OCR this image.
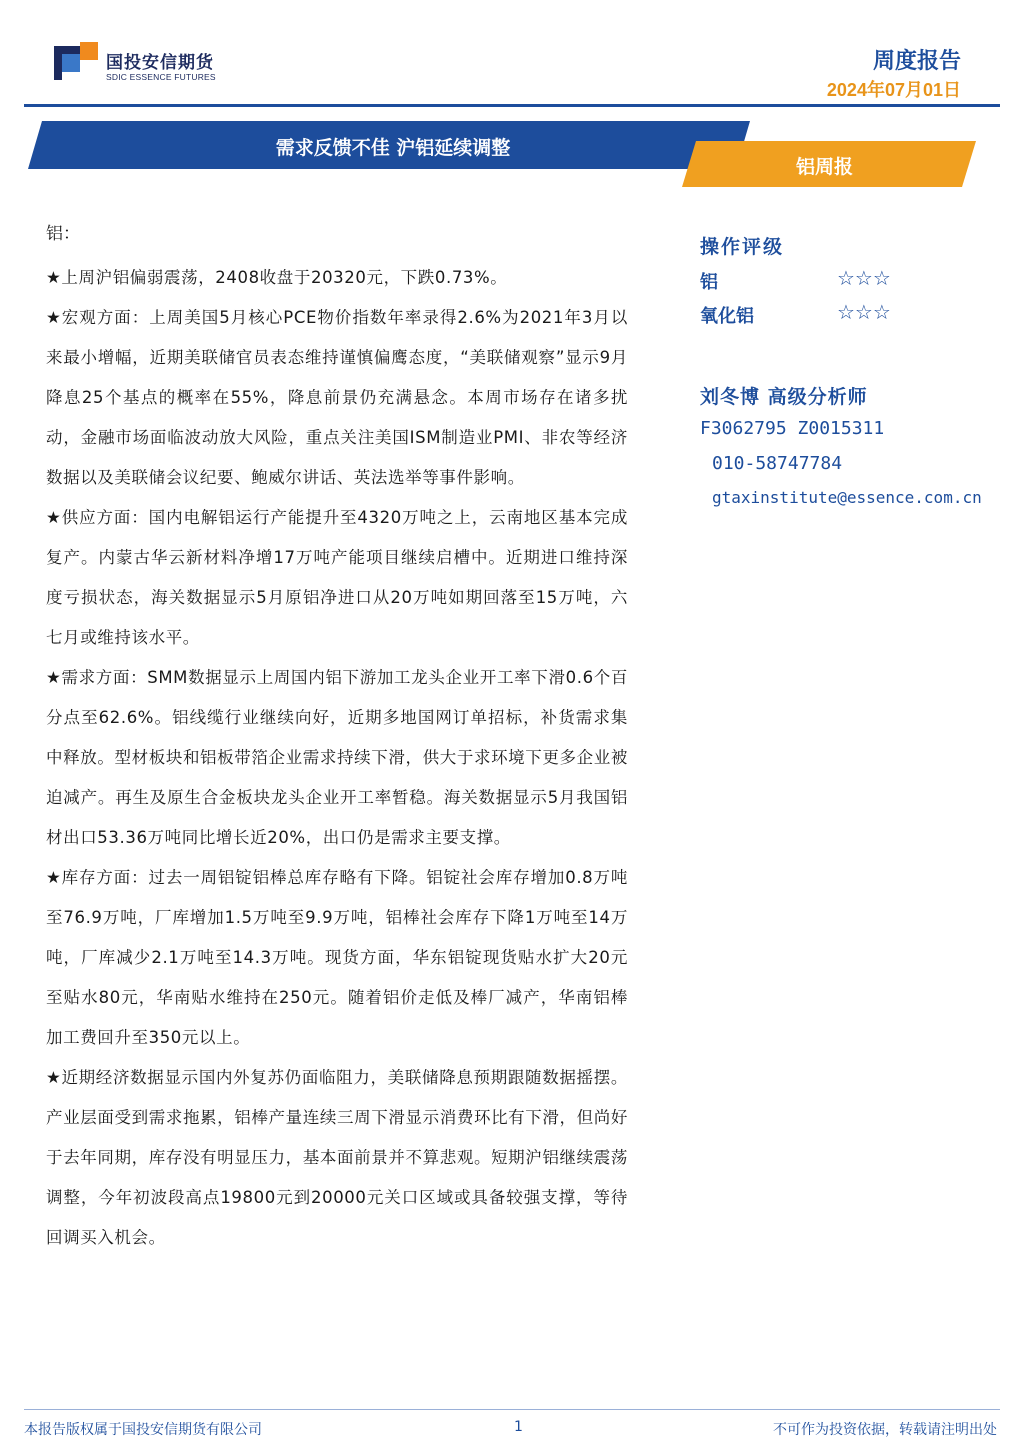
国投安信期货
SDIC ESSENCE FUTURES
周度报告
2024年07月01日
需求反馈不佳 沪铝延续调整
铝周报
铝：

★上周沪铝偏弱震荡，2408收盘于20320元，下跌0.73%。

★宏观方面：上周美国5月核心PCE物价指数年率录得2.6%为2021年3月以来最小增幅，近期美联储官员表态维持谨慎偏鹰态度，“美联储观察”显示9月降息25个基点的概率在55%，降息前景仍充满悬念。本周市场存在诸多扰动，金融市场面临波动放大风险，重点关注美国ISM制造业PMI、非农等经济数据以及美联储会议纪要、鲍威尔讲话、英法选举等事件影响。

★供应方面：国内电解铝运行产能提升至4320万吨之上，云南地区基本完成复产。内蒙古华云新材料净增17万吨产能项目继续启槽中。近期进口维持深度亏损状态，海关数据显示5月原铝净进口从20万吨如期回落至15万吨，六七月或维持该水平。

★需求方面：SMM数据显示上周国内铝下游加工龙头企业开工率下滑0.6个百分点至62.6%。铝线缆行业继续向好，近期多地国网订单招标，补货需求集中释放。型材板块和铝板带箔企业需求持续下滑，供大于求环境下更多企业被迫减产。再生及原生合金板块龙头企业开工率暂稳。海关数据显示5月我国铝材出口53.36万吨同比增长近20%，出口仍是需求主要支撑。

★库存方面：过去一周铝锭铝棒总库存略有下降。铝锭社会库存增加0.8万吨至76.9万吨，厂库增加1.5万吨至9.9万吨，铝棒社会库存下降1万吨至14万吨，厂库减少2.1万吨至14.3万吨。现货方面，华东铝锭现货贴水扩大20元至贴水80元，华南贴水维持在250元。随着铝价走低及棒厂减产，华南铝棒加工费回升至350元以上。

★近期经济数据显示国内外复苏仍面临阻力，美联储降息预期跟随数据摇摆。产业层面受到需求拖累，铝棒产量连续三周下滑显示消费环比有下滑，但尚好于去年同期，库存没有明显压力，基本面前景并不算悲观。短期沪铝继续震荡调整，今年初波段高点19800元到20000元关口区域或具备较强支撑，等待回调买入机会。

操作评级
铝	☆☆☆
氧化铝	☆☆☆
刘冬博 高级分析师
F3062795 Z0015311
010-58747784
gtaxinstitute@essence.com.cn
本报告版权属于国投安信期货有限公司	1	不可作为投资依据，转载请注明出处
